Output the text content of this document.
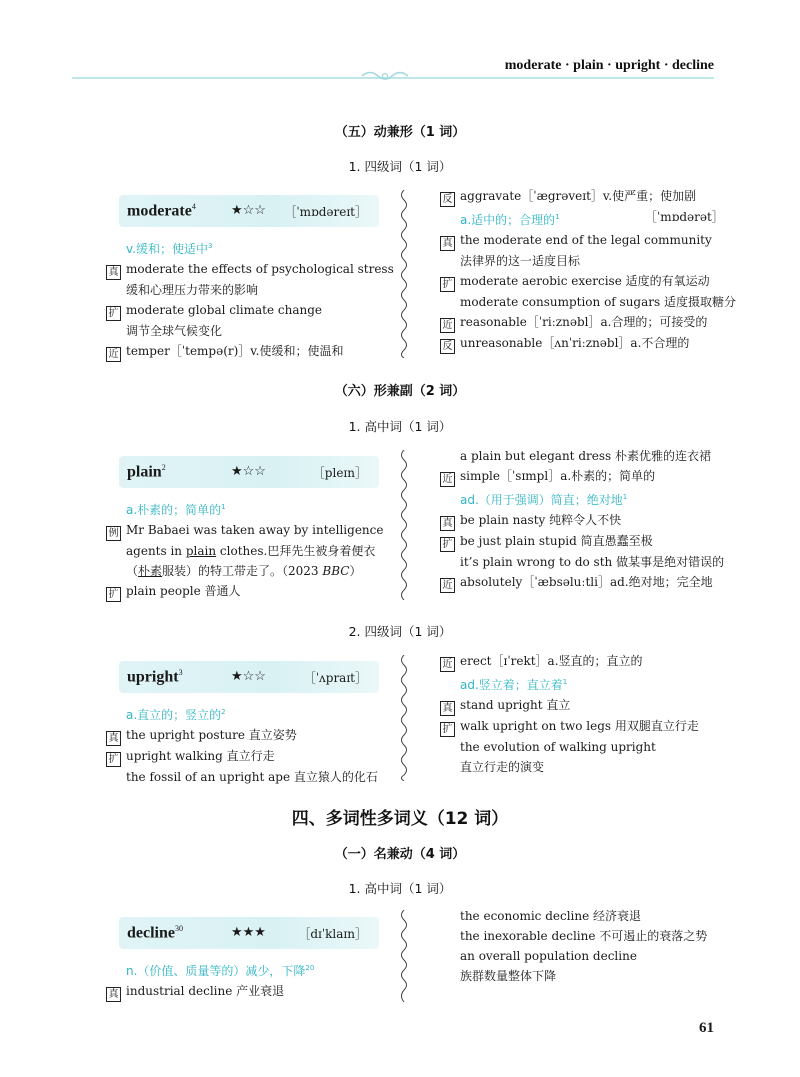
moderate · plain · upright · decline
（五）动兼形（1 词）
1. 四级词（1 词）
moderate$^4$	★☆☆ ［ˈmɒdəreɪt］
v.缓和；使适中$^3$
真 moderate the effects of psychological stress
缓和心理压力带来的影响
扩 moderate global climate change
调节全球气候变化
近 temper［ˈtempə(r)］v.使缓和；使温和
反 aggravate［ˈægrəveɪt］v.使严重；使加剧
a.适中的；合理的$^1$	［ˈmɒdərət］
真 the moderate end of the legal community
法律界的这一适度目标
扩 moderate aerobic exercise 适度的有氧运动
moderate consumption of sugars 适度摄取糖分
近 reasonable［ˈriːznəbl］a.合理的；可接受的
反 unreasonable［ʌnˈriːznəbl］a.不合理的
（六）形兼副（2 词）
1. 高中词（1 词）
plain$^2$	★☆☆	［pleɪn］
a.朴素的；简单的$^1$
例 Mr Babaei was taken away by intelligence
agents in plain clothes.巴拜先生被身着便衣
（朴素服装）的特工带走了。（2023 BBC）
扩 plain people 普通人
a plain but elegant dress 朴素优雅的连衣裙
近 simple［ˈsɪmpl］a.朴素的；简单的
ad.（用于强调）简直；绝对地$^1$
真 be plain nasty 纯粹令人不快
扩 be just plain stupid 简直愚蠢至极
it’s plain wrong to do sth 做某事是绝对错误的
近 absolutely［ˈæbsəluːtli］ad.绝对地；完全地
2. 四级词（1 词）
upright$^3$	★☆☆	［ˈʌpraɪt］
a.直立的；竖立的$^2$
真 the upright posture 直立姿势
扩 upright walking 直立行走
the fossil of an upright ape 直立猿人的化石
近 erect［ɪˈrekt］a.竖直的；直立的
ad.竖立着；直立着$^1$
真 stand upright 直立
扩 walk upright on two legs 用双腿直立行走
the evolution of walking upright
直立行走的演变
四、多词性多词义（12 词）
（一）名兼动（4 词）
1. 高中词（1 词）
decline$^{30}$	★★★	［dɪˈklaɪn］
n.（价值、质量等的）减少，下降$^{20}$
真 industrial decline 产业衰退
the economic decline 经济衰退
the inexorable decline 不可遏止的衰落之势
an overall population decline
族群数量整体下降
61
